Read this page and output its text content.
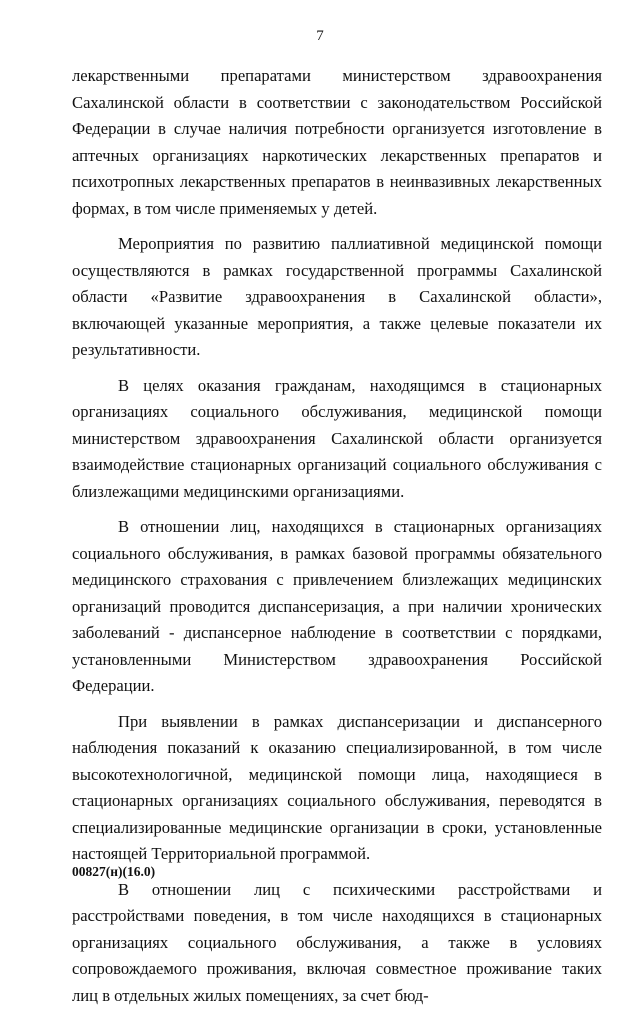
7

лекарственными препаратами министерством здравоохранения Сахалинской области в соответствии с законодательством Российской Федерации в случае наличия потребности организуется изготовление в аптечных организациях наркотических лекарственных препаратов и психотропных лекарственных препаратов в неинвазивных лекарственных формах, в том числе применяемых у детей.

Мероприятия по развитию паллиативной медицинской помощи осуществляются в рамках государственной программы Сахалинской области «Развитие здравоохранения в Сахалинской области», включающей указанные мероприятия, а также целевые показатели их результативности.

В целях оказания гражданам, находящимся в стационарных организациях социального обслуживания, медицинской помощи министерством здравоохранения Сахалинской области организуется взаимодействие стационарных организаций социального обслуживания с близлежащими медицинскими организациями.

В отношении лиц, находящихся в стационарных организациях социального обслуживания, в рамках базовой программы обязательного медицинского страхования с привлечением близлежащих медицинских организаций проводится диспансеризация, а при наличии хронических заболеваний - диспансерное наблюдение в соответствии с порядками, установленными Министерством здравоохранения Российской Федерации.

При выявлении в рамках диспансеризации и диспансерного наблюдения показаний к оказанию специализированной, в том числе высокотехнологичной, медицинской помощи лица, находящиеся в стационарных организациях социального обслуживания, переводятся в специализированные медицинские организации в сроки, установленные настоящей Территориальной программой.

В отношении лиц с психическими расстройствами и расстройствами поведения, в том числе находящихся в стационарных организациях социального обслуживания, а также в условиях сопровождаемого проживания, включая совместное проживание таких лиц в отдельных жилых помещениях, за счет бюд-

00827(н)(16.0)
